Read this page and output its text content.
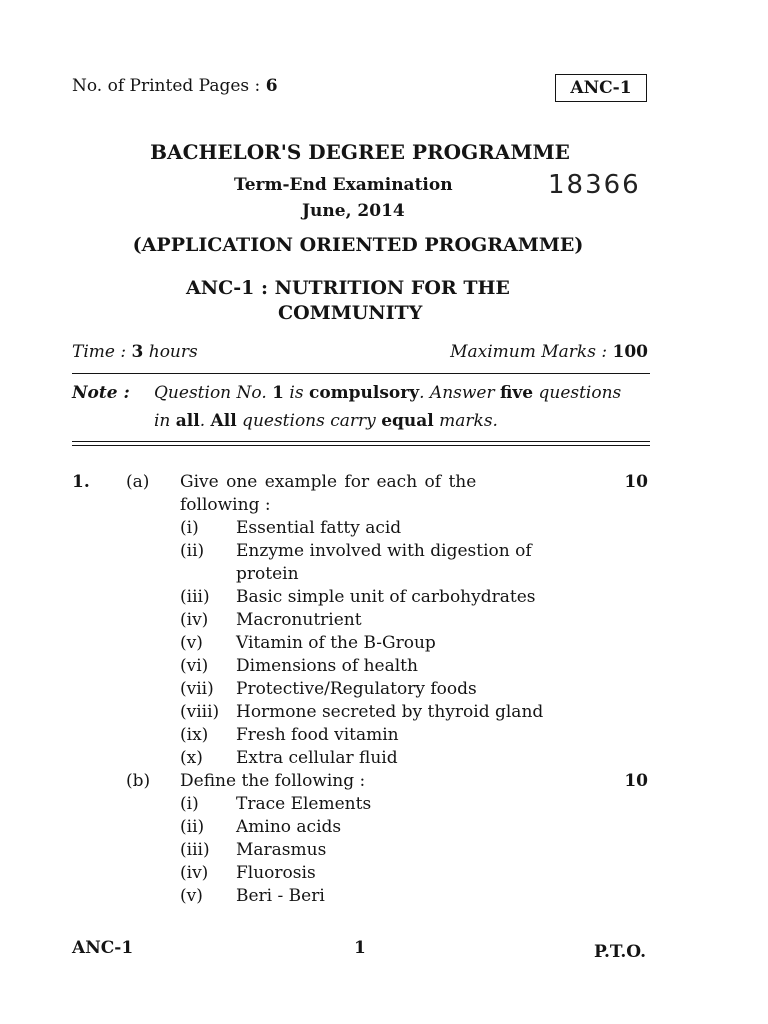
No. of Printed Pages : 6	ANC-1
BACHELOR'S DEGREE PROGRAMME
Term-End Examination	18366
June, 2014
(APPLICATION ORIENTED PROGRAMME)
ANC-1 : NUTRITION FOR THE
COMMUNITY
Time : 3 hours	Maximum Marks : 100
Note : Question No. 1 is compulsory. Answer five questions
in all. All questions carry equal marks.
1. (a) Give one example for each of the	10
following :
(i) Essential fatty acid
(ii) Enzyme involved with digestion of
protein
(iii) Basic simple unit of carbohydrates
(iv) Macronutrient
(v) Vitamin of the B-Group
(vi) Dimensions of health
(vii) Protective/Regulatory foods
(viii) Hormone secreted by thyroid gland
(ix) Fresh food vitamin
(x) Extra cellular fluid
(b) Define the following :	10
(i) Trace Elements
(ii) Amino acids
(iii) Marasmus
(iv) Fluorosis
(v) Beri - Beri
ANC-1	1	P.T.O.
